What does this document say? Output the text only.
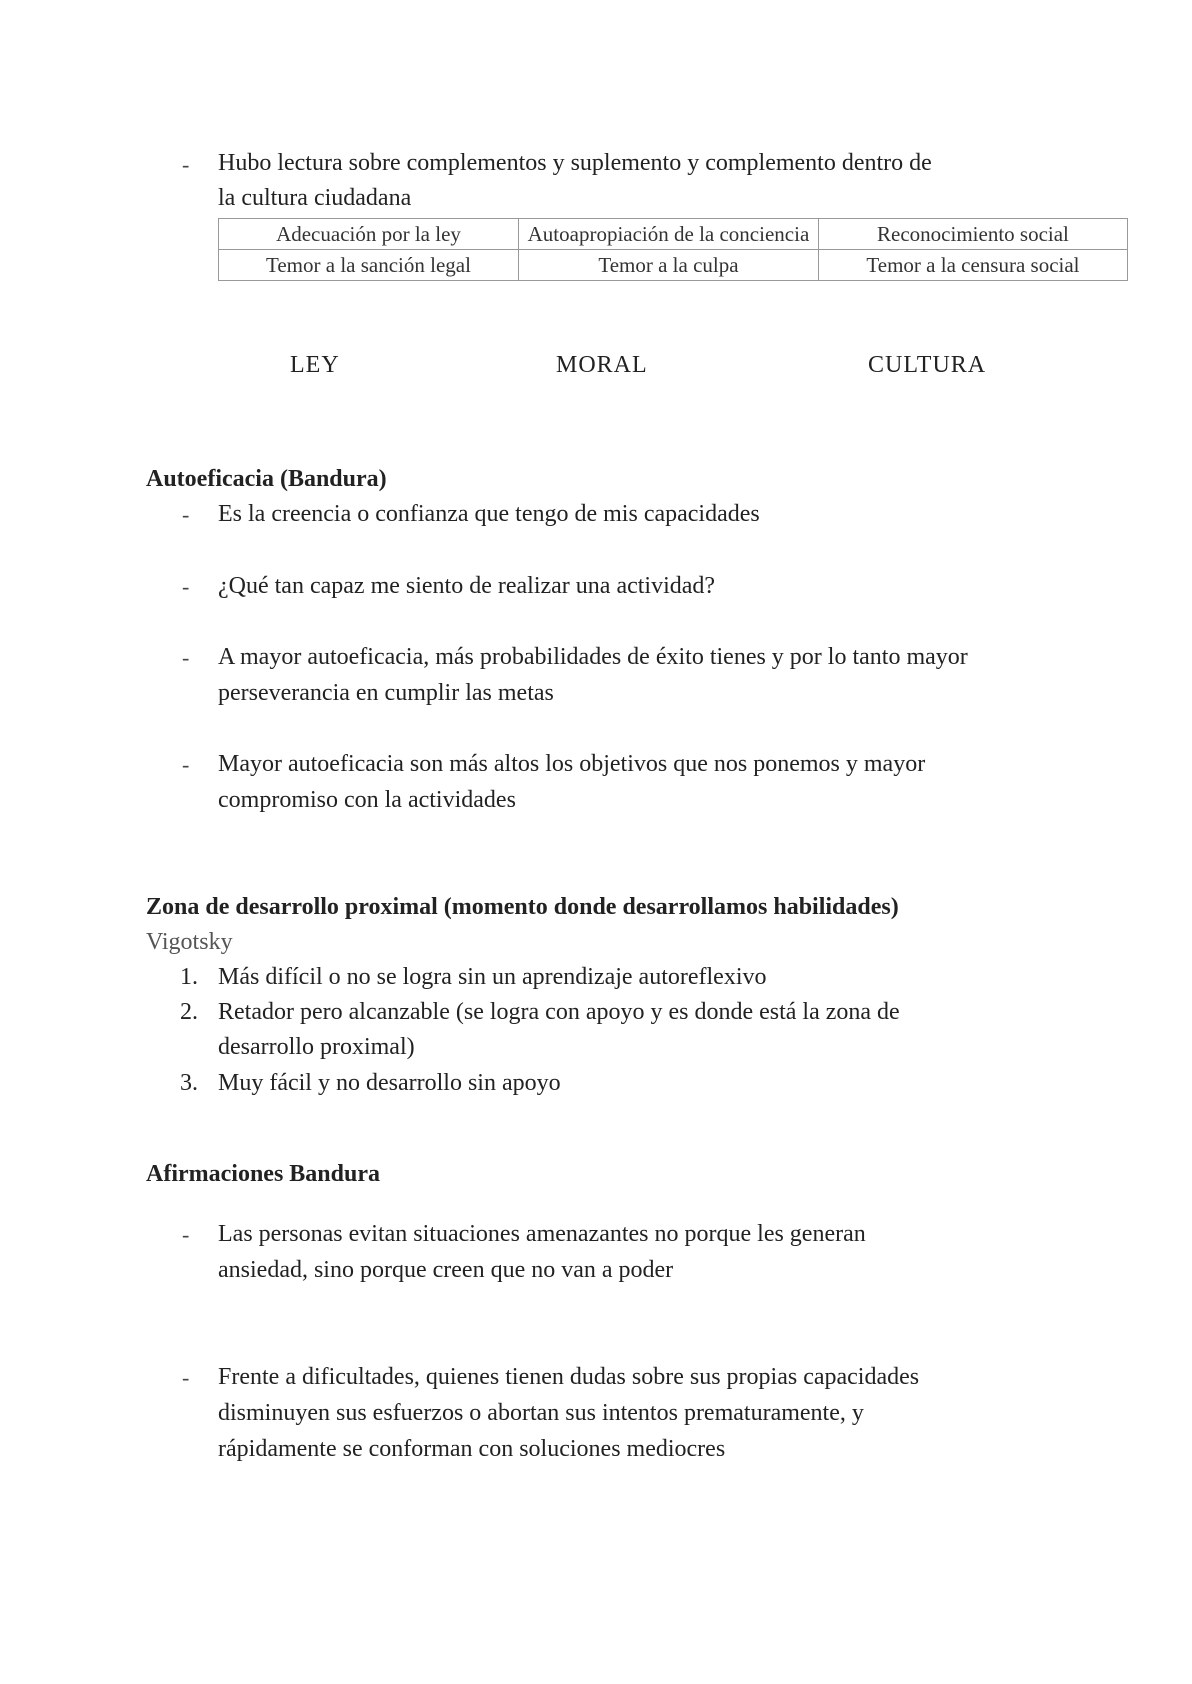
- Hubo lectura sobre complementos y suplemento y complemento dentro de
la cultura ciudadana
Adecuación por la ley	Autoapropiación de la conciencia	Reconocimiento social
Temor a la sanción legal	Temor a la culpa	Temor a la censura social
LEY	MORAL	CULTURA
Autoeficacia (Bandura)
- Es la creencia o confianza que tengo de mis capacidades
- ¿Qué tan capaz me siento de realizar una actividad?
- A mayor autoeficacia, más probabilidades de éxito tienes y por lo tanto mayor
perseverancia en cumplir las metas
- Mayor autoeficacia son más altos los objetivos que nos ponemos y mayor
compromiso con la actividades
Zona de desarrollo proximal (momento donde desarrollamos habilidades)
Vigotsky
1. Más difícil o no se logra sin un aprendizaje autoreflexivo
2. Retador pero alcanzable (se logra con apoyo y es donde está la zona de
desarrollo proximal)
3. Muy fácil y no desarrollo sin apoyo
Afirmaciones Bandura
- Las personas evitan situaciones amenazantes no porque les generan
ansiedad, sino porque creen que no van a poder
- Frente a dificultades, quienes tienen dudas sobre sus propias capacidades
disminuyen sus esfuerzos o abortan sus intentos prematuramente, y
rápidamente se conforman con soluciones mediocres
